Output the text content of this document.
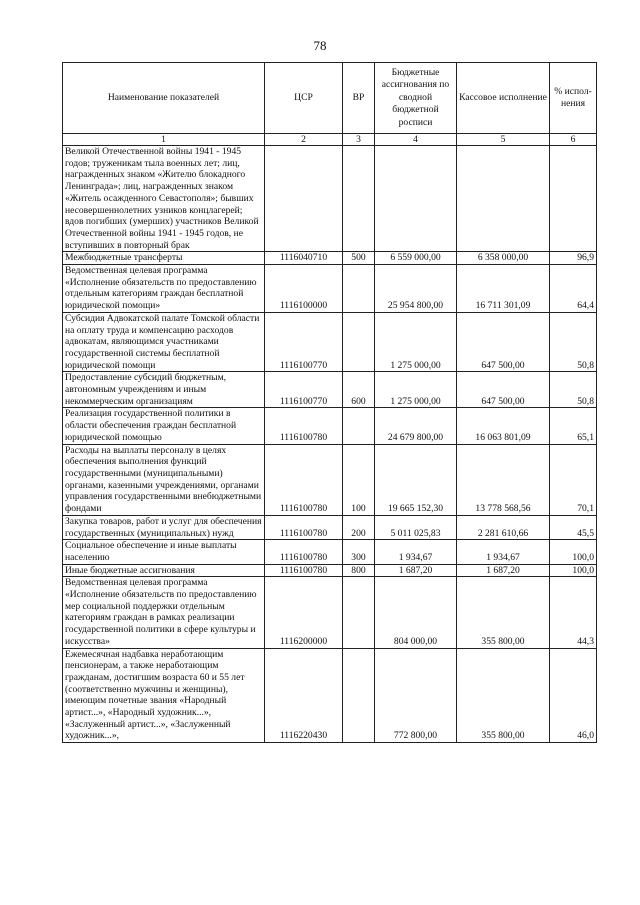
78
Наименование показателей	ЦСР	ВР	Бюджетные ассигнования по сводной бюджетной росписи	Кассовое исполнение	% испол-нения
1	2	3	4	5	6
Великой Отечественной войны 1941 - 1945 годов; труженикам тыла военных лет; лиц, награжденных знаком «Жителю блокадного Ленинграда»; лиц, награжденных знаком «Житель осажденного Севастополя»; бывших несовершеннолетних узников концлагерей; вдов погибших (умерших) участников Великой Отечественной войны 1941 - 1945 годов, не вступивших в повторный брак					
Межбюджетные трансферты	1116040710	500	6 559 000,00	6 358 000,00	96,9
Ведомственная целевая программа «Исполнение обязательств по предоставлению отдельным категориям граждан бесплатной юридической помощи»	1116100000		25 954 800,00	16 711 301,09	64,4
Субсидия Адвокатской палате Томской области на оплату труда и компенсацию расходов адвокатам, являющимся участниками государственной системы бесплатной юридической помощи	1116100770		1 275 000,00	647 500,00	50,8
Предоставление субсидий бюджетным, автономным учреждениям и иным некоммерческим организациям	1116100770	600	1 275 000,00	647 500,00	50,8
Реализация государственной политики в области обеспечения граждан бесплатной юридической помощью	1116100780		24 679 800,00	16 063 801,09	65,1
Расходы на выплаты персоналу в целях обеспечения выполнения функций государственными (муниципальными) органами, казенными учреждениями, органами управления государственными внебюджетными фондами	1116100780	100	19 665 152,30	13 778 568,56	70,1
Закупка товаров, работ и услуг для обеспечения государственных (муниципальных) нужд	1116100780	200	5 011 025,83	2 281 610,66	45,5
Социальное обеспечение и иные выплаты населению	1116100780	300	1 934,67	1 934,67	100,0
Иные бюджетные ассигнования	1116100780	800	1 687,20	1 687,20	100,0
Ведомственная целевая программа «Исполнение обязательств по предоставлению мер социальной поддержки отдельным категориям граждан в рамках реализации государственной политики в сфере культуры и искусства»	1116200000		804 000,00	355 800,00	44,3
Ежемесячная надбавка неработающим пенсионерам, а также неработающим гражданам, достигшим возраста 60 и 55 лет (соответственно мужчины и женщины), имеющим почетные звания «Народный артист...», «Народный художник...», «Заслуженный артист...», «Заслуженный художник...»,	1116220430		772 800,00	355 800,00	46,0
